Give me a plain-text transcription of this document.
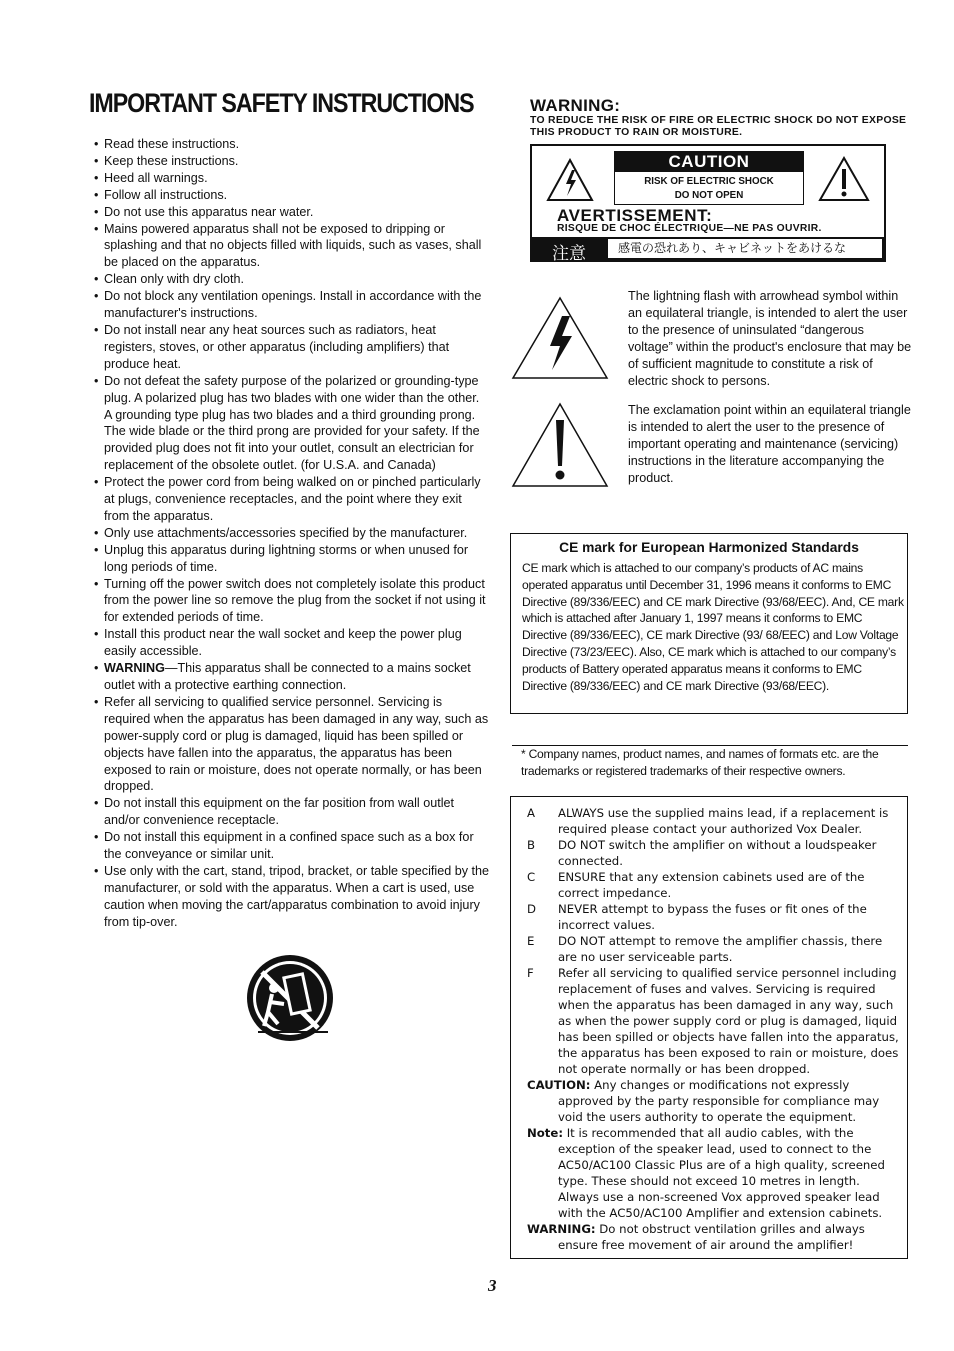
IMPORTANT SAFETY INSTRUCTIONS
• Read these instructions.
• Keep these instructions.
• Heed all warnings.
• Follow all instructions.
• Do not use this apparatus near water.
• Mains powered apparatus shall not be exposed to dripping or splashing and that no objects filled with liquids, such as vases, shall be placed on the apparatus.
• Clean only with dry cloth.
• Do not block any ventilation openings. Install in accordance with the manufacturer's instructions.
• Do not install near any heat sources such as radiators, heat registers, stoves, or other apparatus (including amplifiers) that produce heat.
• Do not defeat the safety purpose of the polarized or grounding-type plug. A polarized plug has two blades with one wider than the other. A grounding type plug has two blades and a third grounding prong. The wide blade or the third prong are provided for your safety. If the provided plug does not fit into your outlet, consult an electrician for replacement of the obsolete outlet. (for U.S.A. and Canada)
• Protect the power cord from being walked on or pinched particularly at plugs, convenience receptacles, and the point where they exit from the apparatus.
• Only use attachments/accessories specified by the manufacturer.
• Unplug this apparatus during lightning storms or when unused for long periods of time.
• Turning off the power switch does not completely isolate this product from the power line so remove the plug from the socket if not using it for extended periods of time.
• Install this product near the wall socket and keep the power plug easily accessible.
• WARNING—This apparatus shall be connected to a mains socket outlet with a protective earthing connection.
• Refer all servicing to qualified service personnel. Servicing is required when the apparatus has been damaged in any way, such as power-supply cord or plug is damaged, liquid has been spilled or objects have fallen into the apparatus, the apparatus has been exposed to rain or moisture, does not operate normally, or has been dropped.
• Do not install this equipment on the far position from wall outlet and/or convenience receptacle.
• Do not install this equipment in a confined space such as a box for the conveyance or similar unit.
• Use only with the cart, stand, tripod, bracket, or table specified by the manufacturer, or sold with the apparatus. When a cart is used, use caution when moving the cart/apparatus combination to avoid injury from tip-over.
WARNING:
TO REDUCE THE RISK OF FIRE OR ELECTRIC SHOCK DO NOT EXPOSE THIS PRODUCT TO RAIN OR MOISTURE.
CAUTION
RISK OF ELECTRIC SHOCK
DO NOT OPEN
AVERTISSEMENT:
RISQUE DE CHOC ÉLECTRIQUE—NE PAS OUVRIR.
注意	感電の恐れあり、キャビネットをあけるな
The lightning flash with arrowhead symbol within an equilateral triangle, is intended to alert the user to the presence of uninsulated “dangerous voltage” within the product's enclosure that may be of sufficient magnitude to constitute a risk of electric shock to persons.
The exclamation point within an equilateral triangle is intended to alert the user to the presence of important operating and maintenance (servicing) instructions in the literature accompanying the product.
CE mark for European Harmonized Standards
CE mark which is attached to our company’s products of AC mains operated apparatus until December 31, 1996 means it conforms to EMC Directive (89/336/EEC) and CE mark Directive (93/68/EEC). And, CE mark which is attached after January 1, 1997 means it conforms to EMC Directive (89/336/EEC), CE mark Directive (93/ 68/EEC) and Low Voltage Directive (73/23/EEC). Also, CE mark which is attached to our company’s products of Battery operated apparatus means it conforms to EMC Directive (89/336/EEC) and CE mark Directive (93/68/EEC).
* Company names, product names, and names of formats etc. are the trademarks or registered trademarks of their respective owners.
A ALWAYS use the supplied mains lead, if a replacement is required please contact your authorized Vox Dealer.
B DO NOT switch the amplifier on without a loudspeaker connected.
C ENSURE that any extension cabinets used are of the correct impedance.
D NEVER attempt to bypass the fuses or fit ones of the incorrect values.
E DO NOT attempt to remove the amplifier chassis, there are no user serviceable parts.
F Refer all servicing to qualified service personnel including replacement of fuses and valves. Servicing is required when the apparatus has been damaged in any way, such as when the power supply cord or plug is damaged, liquid has been spilled or objects have fallen into the apparatus, the apparatus has been exposed to rain or moisture, does not operate normally or has been dropped.
CAUTION: Any changes or modifications not expressly approved by the party responsible for compliance may void the users authority to operate the equipment.
Note: It is recommended that all audio cables, with the exception of the speaker lead, used to connect to the AC50/AC100 Classic Plus are of a high quality, screened type. These should not exceed 10 metres in length. Always use a non-screened Vox approved speaker lead with the AC50/AC100 Amplifier and extension cabinets.
WARNING: Do not obstruct ventilation grilles and always ensure free movement of air around the amplifier!
3
